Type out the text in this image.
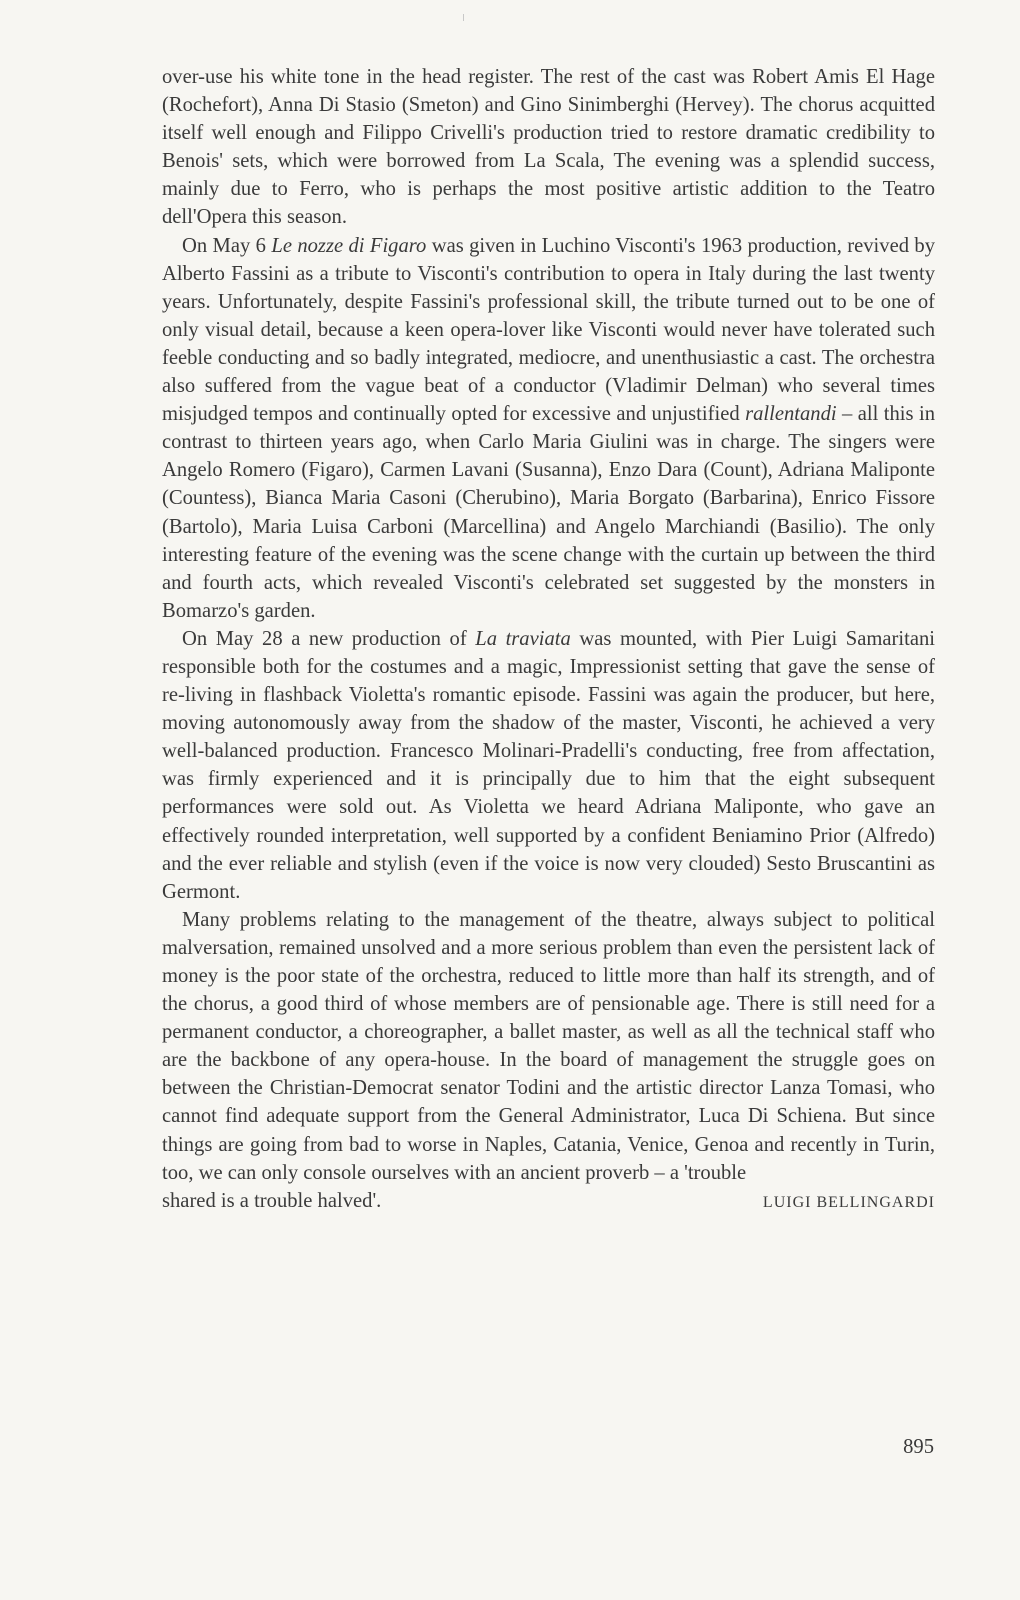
over-use his white tone in the head register. The rest of the cast was Robert Amis El Hage (Rochefort), Anna Di Stasio (Smeton) and Gino Sinimberghi (Hervey). The chorus acquitted itself well enough and Filippo Crivelli's production tried to restore dramatic credibility to Benois' sets, which were borrowed from La Scala, The evening was a splendid success, mainly due to Ferro, who is perhaps the most positive artistic addition to the Teatro dell'Opera this season.

On May 6 Le nozze di Figaro was given in Luchino Visconti's 1963 production, revived by Alberto Fassini as a tribute to Visconti's contribution to opera in Italy during the last twenty years. Unfortunately, despite Fassini's professional skill, the tribute turned out to be one of only visual detail, because a keen opera-lover like Visconti would never have tolerated such feeble conducting and so badly integrated, mediocre, and unenthusiastic a cast. The orchestra also suffered from the vague beat of a conductor (Vladimir Delman) who several times misjudged tempos and continually opted for excessive and unjustified rallentandi – all this in contrast to thirteen years ago, when Carlo Maria Giulini was in charge. The singers were Angelo Romero (Figaro), Carmen Lavani (Susanna), Enzo Dara (Count), Adriana Maliponte (Countess), Bianca Maria Casoni (Cherubino), Maria Borgato (Barbarina), Enrico Fissore (Bartolo), Maria Luisa Carboni (Marcellina) and Angelo Marchiandi (Basilio). The only interesting feature of the evening was the scene change with the curtain up between the third and fourth acts, which revealed Visconti's celebrated set suggested by the monsters in Bomarzo's garden.

On May 28 a new production of La traviata was mounted, with Pier Luigi Samaritani responsible both for the costumes and a magic, Impressionist setting that gave the sense of re-living in flashback Violetta's romantic episode. Fassini was again the producer, but here, moving autonomously away from the shadow of the master, Visconti, he achieved a very well-balanced production. Francesco Molinari-Pradelli's conducting, free from affectation, was firmly experienced and it is principally due to him that the eight subsequent performances were sold out. As Violetta we heard Adriana Maliponte, who gave an effectively rounded interpretation, well supported by a confident Beniamino Prior (Alfredo) and the ever reliable and stylish (even if the voice is now very clouded) Sesto Bruscantini as Germont.

Many problems relating to the management of the theatre, always subject to political malversation, remained unsolved and a more serious problem than even the persistent lack of money is the poor state of the orchestra, reduced to little more than half its strength, and of the chorus, a good third of whose members are of pensionable age. There is still need for a permanent conductor, a choreographer, a ballet master, as well as all the technical staff who are the backbone of any opera-house. In the board of management the struggle goes on between the Christian-Democrat senator Todini and the artistic director Lanza Tomasi, who cannot find adequate support from the General Administrator, Luca Di Schiena. But since things are going from bad to worse in Naples, Catania, Venice, Genoa and recently in Turin, too, we can only console ourselves with an ancient proverb – a 'trouble

shared is a trouble halved'.	LUIGI BELLINGARDI
895
